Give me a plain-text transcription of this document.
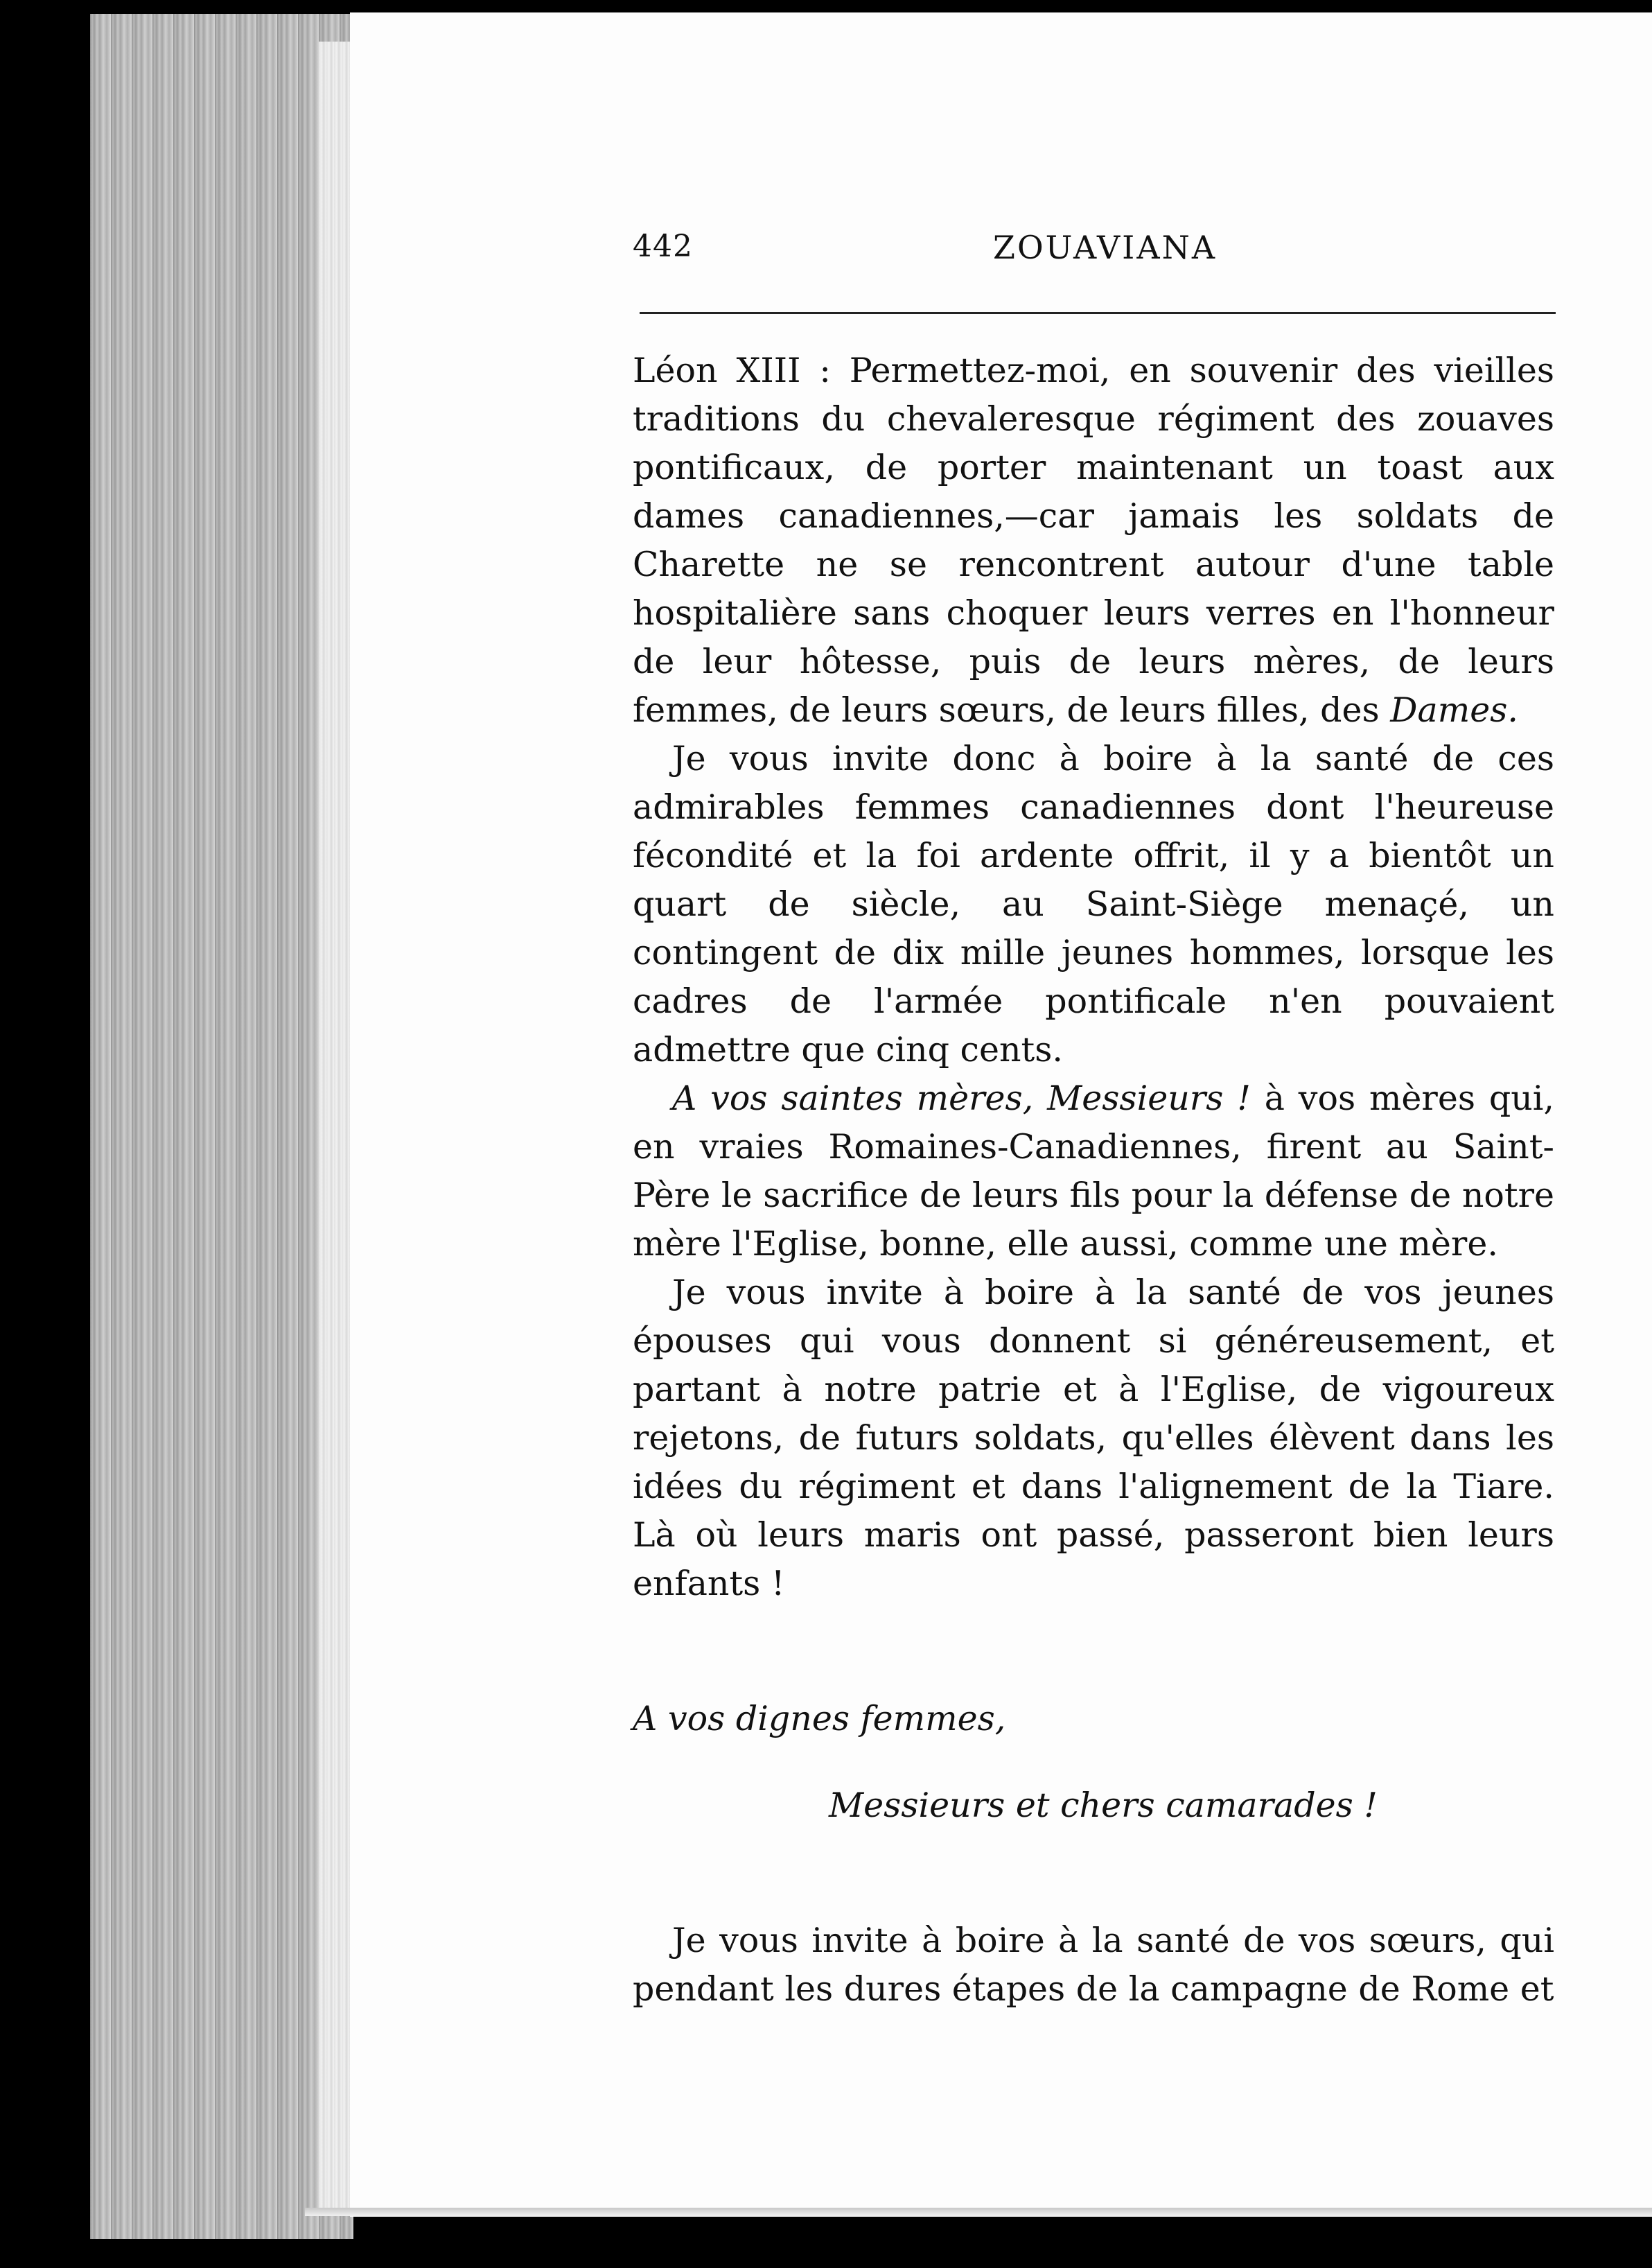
442	ZOUAVIANA

Léon XIII : Permettez-moi, en souvenir des vieilles traditions du chevaleresque régiment des zouaves pontificaux, de porter maintenant un toast aux dames canadiennes,—car jamais les soldats de Charette ne se rencontrent autour d'une table hospitalière sans choquer leurs verres en l'honneur de leur hôtesse, puis de leurs mères, de leurs femmes, de leurs sœurs, de leurs filles, des Dames.

Je vous invite donc à boire à la santé de ces admirables femmes canadiennes dont l'heureuse fécondité et la foi ardente offrit, il y a bientôt un quart de siècle, au Saint-Siège menaçé, un contingent de dix mille jeunes hommes, lorsque les cadres de l'armée pontificale n'en pouvaient admettre que cinq cents.

A vos saintes mères, Messieurs ! à vos mères qui, en vraies Romaines-Canadiennes, firent au Saint-Père le sacrifice de leurs fils pour la défense de notre mère l'Eglise, bonne, elle aussi, comme une mère.

Je vous invite à boire à la santé de vos jeunes épouses qui vous donnent si généreusement, et partant à notre patrie et à l'Eglise, de vigoureux rejetons, de futurs soldats, qu'elles élèvent dans les idées du régiment et dans l'alignement de la Tiare. Là où leurs maris ont passé, passeront bien leurs enfants !

A vos dignes femmes,

Messieurs et chers camarades !

Je vous invite à boire à la santé de vos sœurs, qui pendant les dures étapes de la campagne de Rome et
